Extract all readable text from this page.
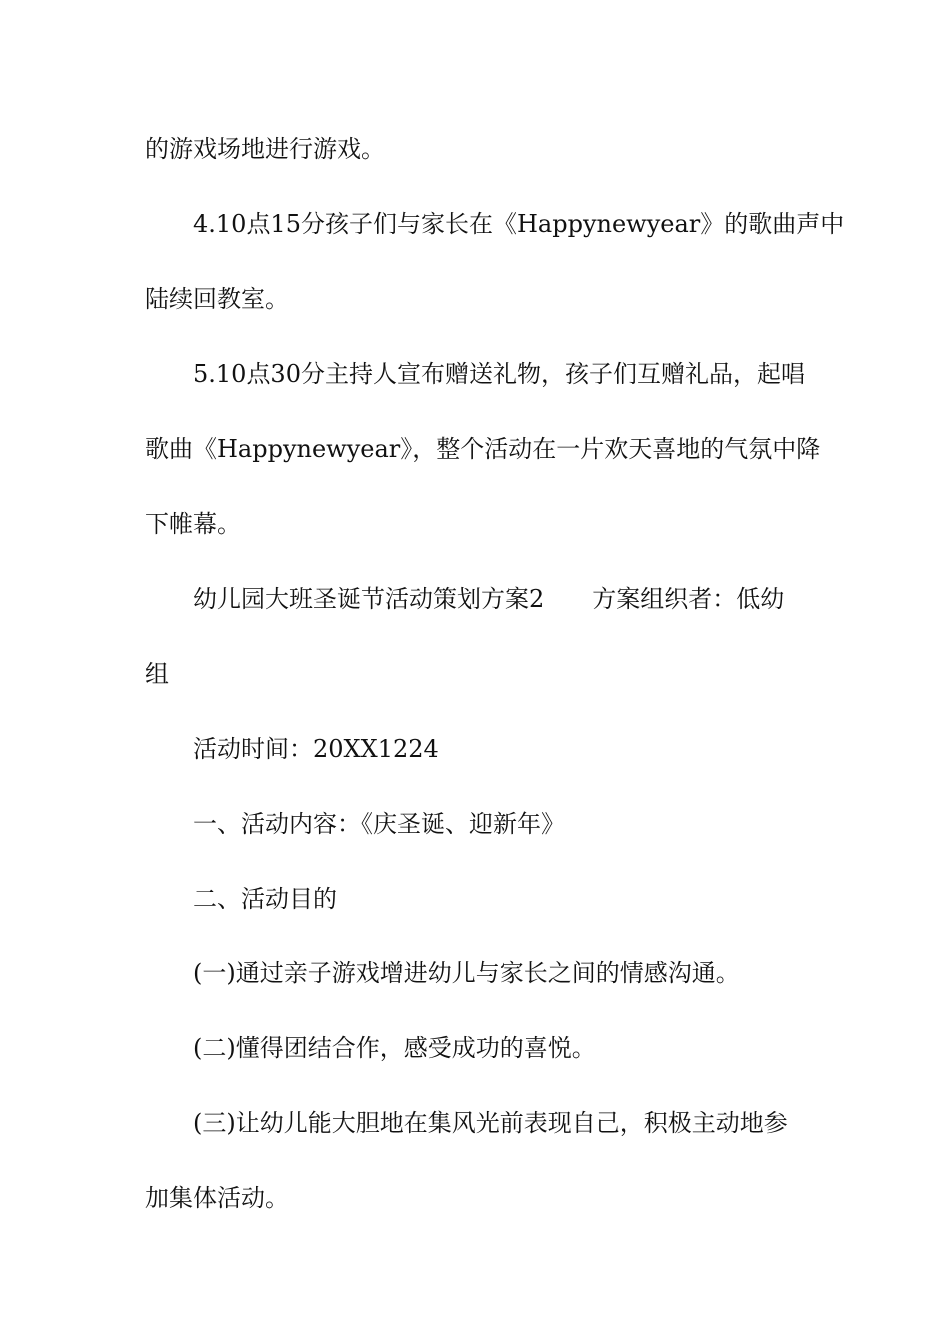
的游戏场地进行游戏。
4.10点15分孩子们与家长在《Happynewyear》的歌曲声中
陆续回教室。
5.10点30分主持人宣布赠送礼物，孩子们互赠礼品，起唱
歌曲《Happynewyear》，整个活动在一片欢天喜地的气氛中降
下帷幕。
幼儿园大班圣诞节活动策划方案2　　方案组织者：低幼
组
活动时间：20XX1224
一、活动内容：《庆圣诞、迎新年》
二、活动目的
(一)通过亲子游戏增进幼儿与家长之间的情感沟通。
(二)懂得团结合作，感受成功的喜悦。
(三)让幼儿能大胆地在集风光前表现自己，积极主动地参
加集体活动。
